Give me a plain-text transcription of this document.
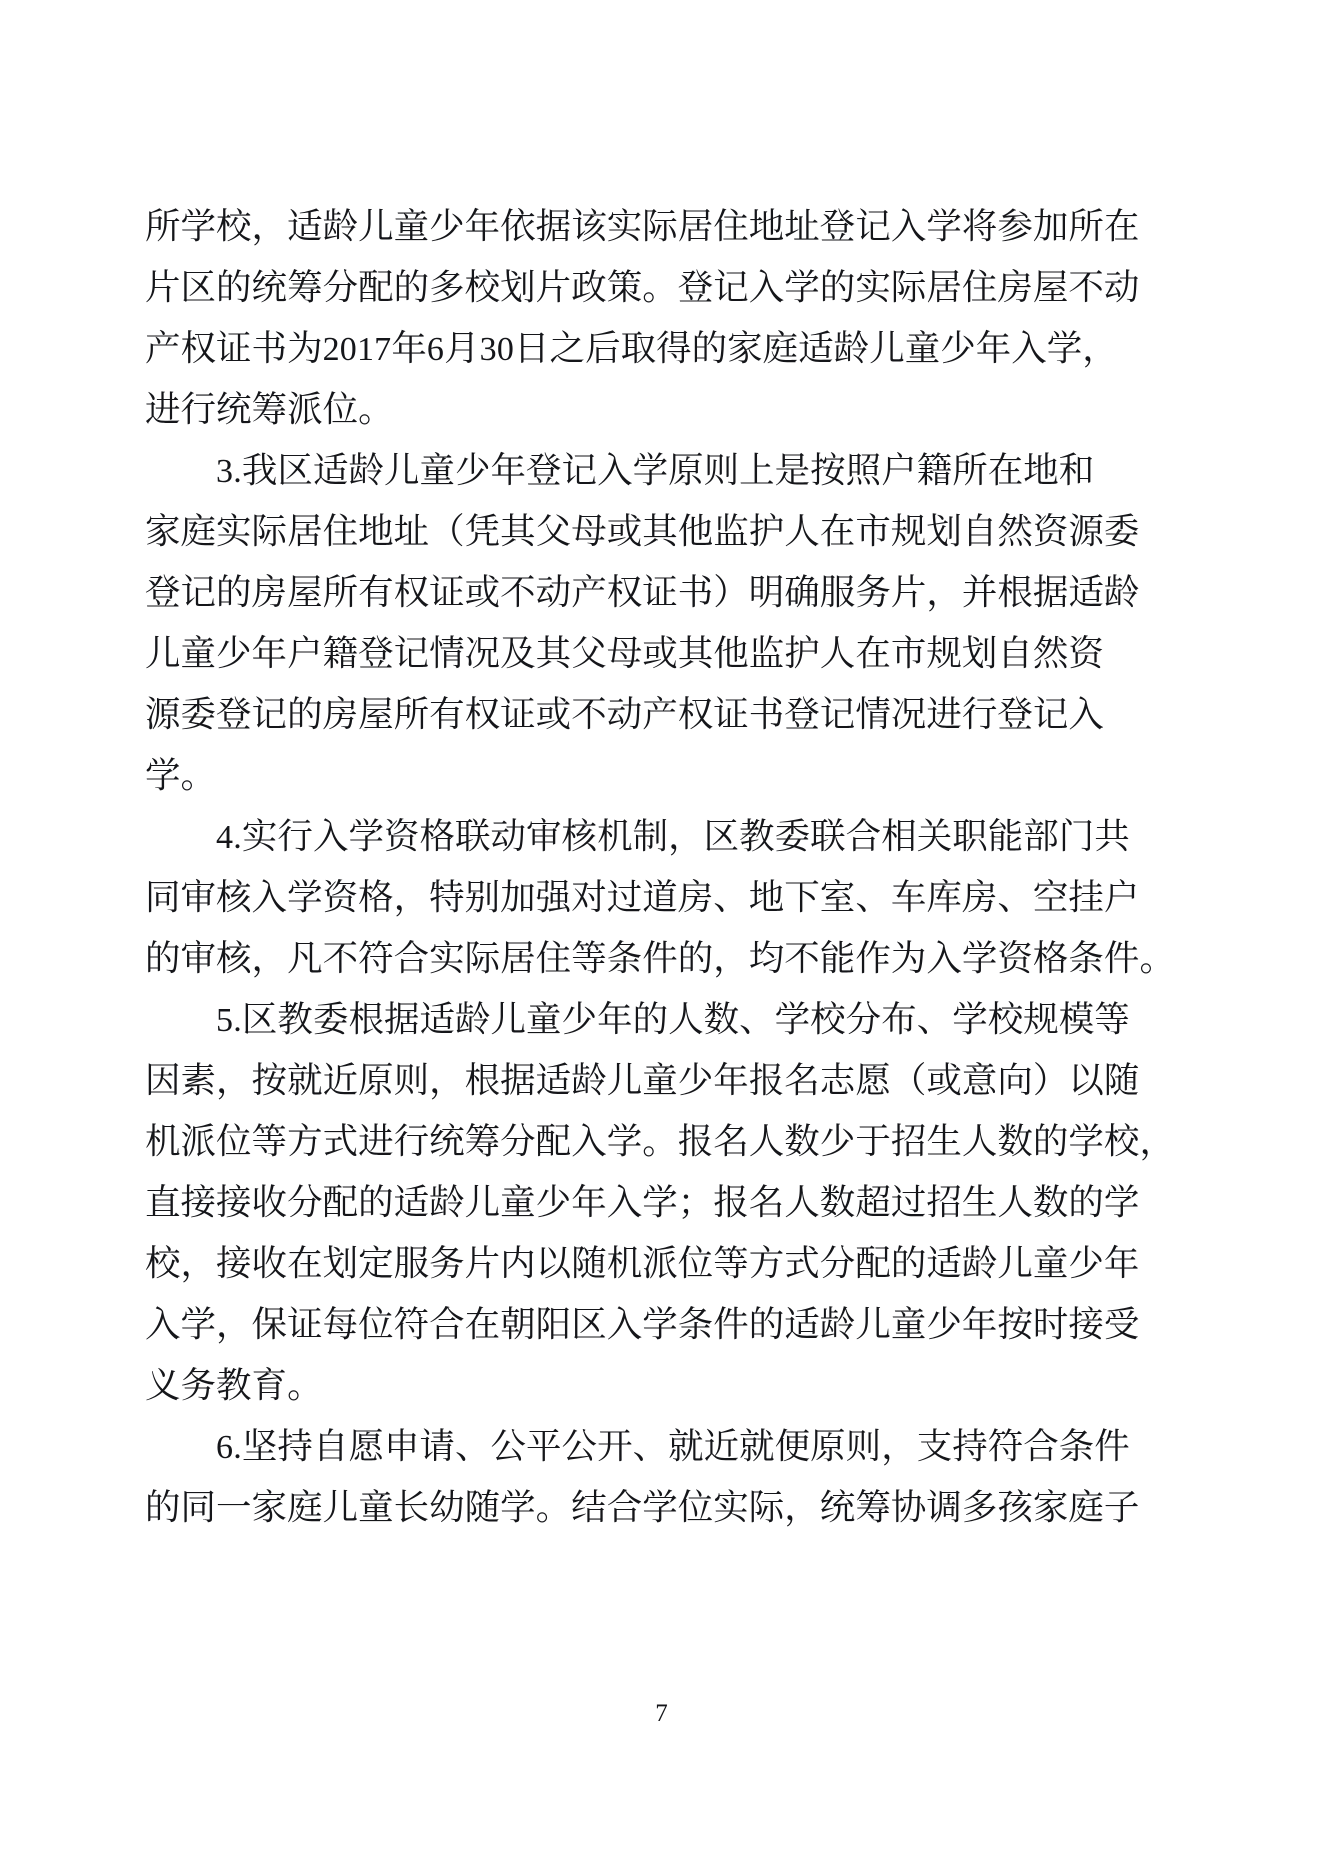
所 学 校 ， 适 龄 儿 童 少 年 依 据 该 实 际 居 住 地 址 登 记 入 学 将 参 加 所 在
片 区 的 统 筹 分 配 的 多 校 划 片 政 策 。 登 记 入 学 的 实 际 居 住 房 屋 不 动
产 权 证 书 为 2017 年 6 月 30 日 之 后 取 得 的 家 庭 适 龄 儿 童 少 年 入 学 ，
进 行 统 筹 派 位 。
3. 我 区 适 龄 儿 童 少 年 登 记 入 学 原 则 上 是 按 照 户 籍 所 在 地 和
家 庭 实 际 居 住 地 址 （ 凭 其 父 母 或 其 他 监 护 人 在 市 规 划 自 然 资 源 委
登 记 的 房 屋 所 有 权 证 或 不 动 产 权 证 书 ） 明 确 服 务 片 ， 并 根 据 适 龄
儿 童 少 年 户 籍 登 记 情 况 及 其 父 母 或 其 他 监 护 人 在 市 规 划 自 然 资
源 委 登 记 的 房 屋 所 有 权 证 或 不 动 产 权 证 书 登 记 情 况 进 行 登 记 入
学 。
4. 实 行 入 学 资 格 联 动 审 核 机 制 ， 区 教 委 联 合 相 关 职 能 部 门 共
同 审 核 入 学 资 格 ， 特 别 加 强 对 过 道 房 、 地 下 室 、 车 库 房 、 空 挂 户
的 审 核 ， 凡 不 符 合 实 际 居 住 等 条 件 的 ， 均 不 能 作 为 入 学 资 格 条 件 。
5. 区 教 委 根 据 适 龄 儿 童 少 年 的 人 数 、 学 校 分 布 、 学 校 规 模 等
因 素 ， 按 就 近 原 则 ， 根 据 适 龄 儿 童 少 年 报 名 志 愿 （ 或 意 向 ） 以 随
机 派 位 等 方 式 进 行 统 筹 分 配 入 学 。 报 名 人 数 少 于 招 生 人 数 的 学 校 ，
直 接 接 收 分 配 的 适 龄 儿 童 少 年 入 学 ； 报 名 人 数 超 过 招 生 人 数 的 学
校 ， 接 收 在 划 定 服 务 片 内 以 随 机 派 位 等 方 式 分 配 的 适 龄 儿 童 少 年
入 学 ， 保 证 每 位 符 合 在 朝 阳 区 入 学 条 件 的 适 龄 儿 童 少 年 按 时 接 受
义 务 教 育 。
6. 坚 持 自 愿 申 请 、 公 平 公 开 、 就 近 就 便 原 则 ， 支 持 符 合 条 件
的 同 一 家 庭 儿 童 长 幼 随 学 。 结 合 学 位 实 际 ， 统 筹 协 调 多 孩 家 庭 子
7
